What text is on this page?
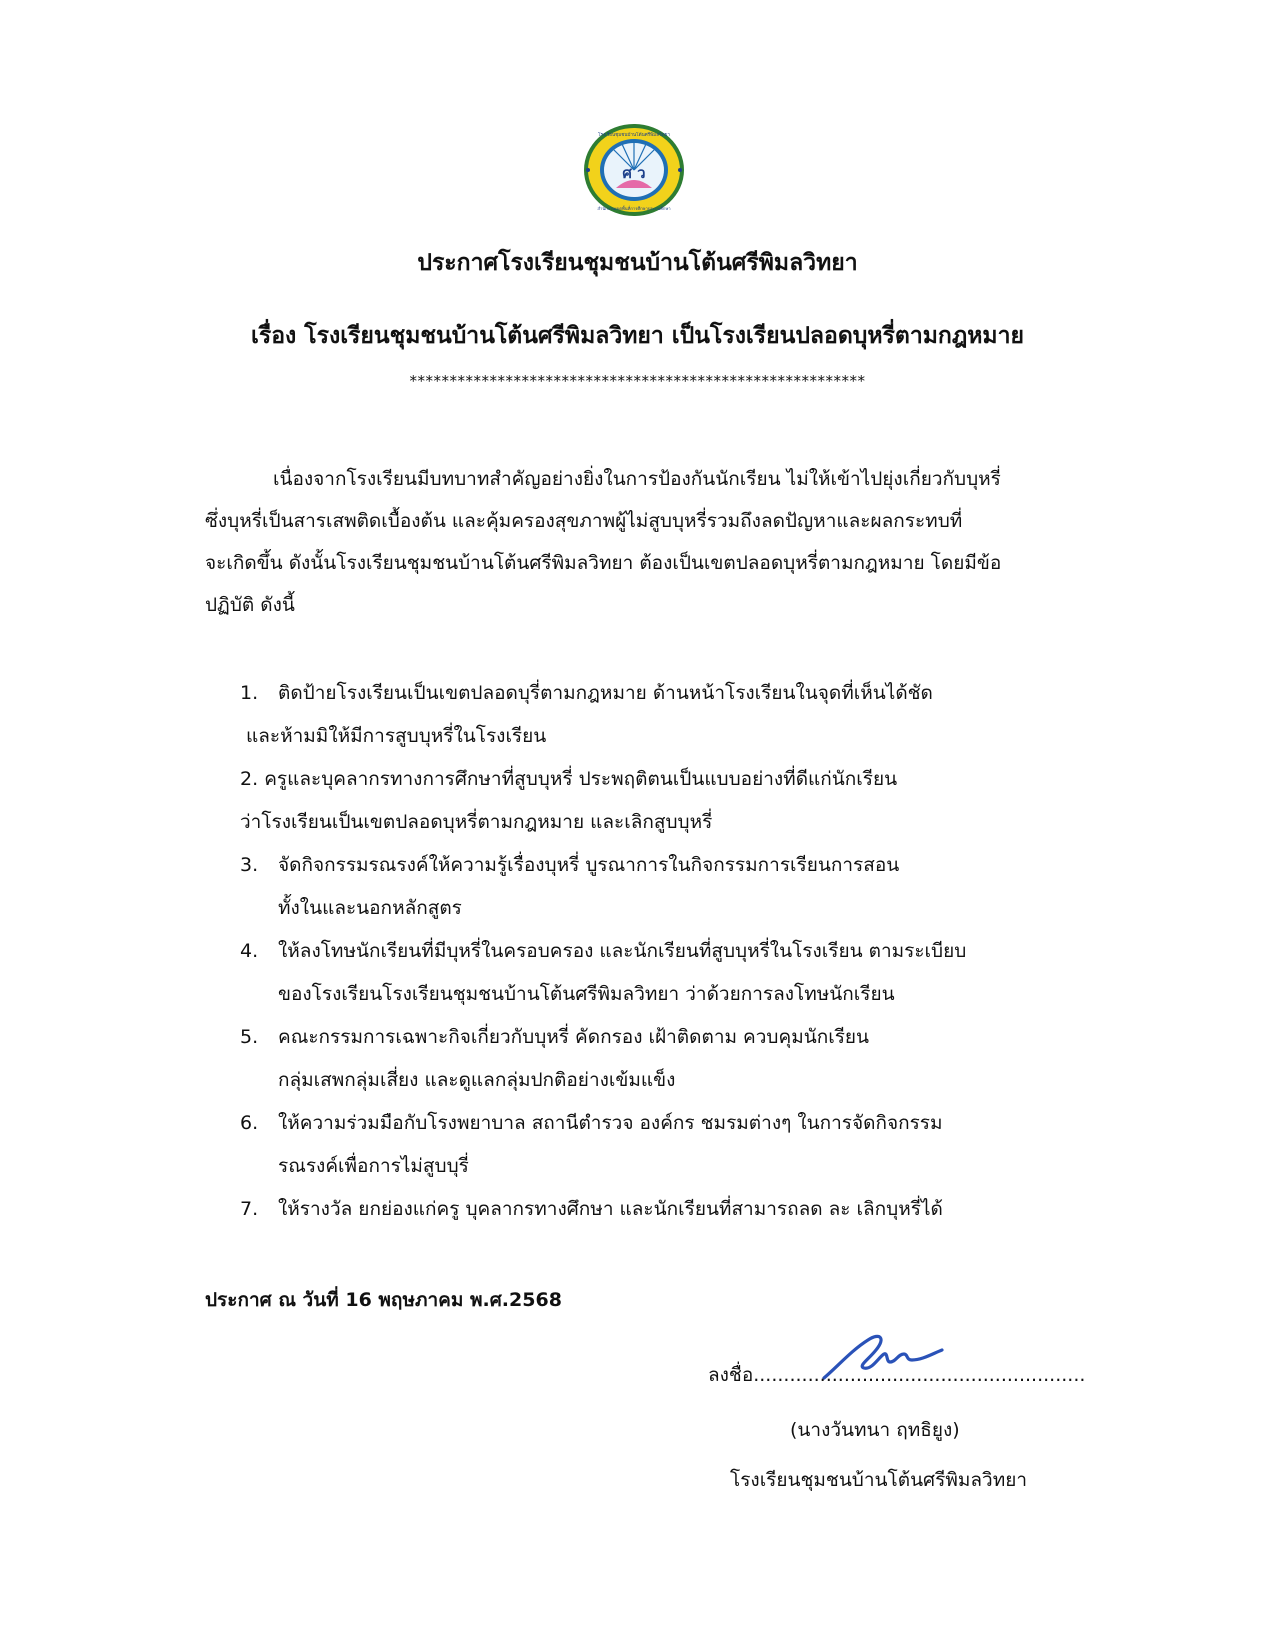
ศ ว
โรงเรียนชุมชนบ้านโต้นศรีพิมลวิทยา
สำนักงานเขตพื้นที่การศึกษาประถมศึกษา
ประกาศโรงเรียนชุมชนบ้านโต้นศรีพิมลวิทยา
เรื่อง โรงเรียนชุมชนบ้านโต้นศรีพิมลวิทยา เป็นโรงเรียนปลอดบุหรี่ตามกฎหมาย
*********************************************************
เนื่องจากโรงเรียนมีบทบาทสำคัญอย่างยิ่งในการป้องกันนักเรียน ไม่ให้เข้าไปยุ่งเกี่ยวกับบุหรี่
ซึ่งบุหรี่เป็นสารเสพติดเบื้องต้น และคุ้มครองสุขภาพผู้ไม่สูบบุหรี่รวมถึงลดปัญหาและผลกระทบที่
จะเกิดขึ้น ดังนั้นโรงเรียนชุมชนบ้านโต้นศรีพิมลวิทยา ต้องเป็นเขตปลอดบุหรี่ตามกฎหมาย โดยมีข้อ
ปฏิบัติ ดังนี้
1. ติดป้ายโรงเรียนเป็นเขตปลอดบุรี่ตามกฎหมาย ด้านหน้าโรงเรียนในจุดที่เห็นได้ชัด
และห้ามมิให้มีการสูบบุหรี่ในโรงเรียน
2. ครูและบุคลากรทางการศึกษาที่สูบบุหรี่ ประพฤติตนเป็นแบบอย่างที่ดีแก่นักเรียน
ว่าโรงเรียนเป็นเขตปลอดบุหรี่ตามกฎหมาย และเลิกสูบบุหรี่
3. จัดกิจกรรมรณรงค์ให้ความรู้เรื่องบุหรี่ บูรณาการในกิจกรรมการเรียนการสอน
ทั้งในและนอกหลักสูตร
4. ให้ลงโทษนักเรียนที่มีบุหรี่ในครอบครอง และนักเรียนที่สูบบุหรี่ในโรงเรียน ตามระเบียบ
ของโรงเรียนโรงเรียนชุมชนบ้านโต้นศรีพิมลวิทยา ว่าด้วยการลงโทษนักเรียน
5. คณะกรรมการเฉพาะกิจเกี่ยวกับบุหรี่ คัดกรอง เฝ้าติดตาม ควบคุมนักเรียน
กลุ่มเสพกลุ่มเสี่ยง และดูแลกลุ่มปกติอย่างเข้มแข็ง
6. ให้ความร่วมมือกับโรงพยาบาล สถานีตำรวจ องค์กร ชมรมต่างๆ ในการจัดกิจกรรม
รณรงค์เพื่อการไม่สูบบุรี่
7. ให้รางวัล ยกย่องแก่ครู บุคลากรทางศึกษา และนักเรียนที่สามารถลด ละ เลิกบุหรี่ได้
ประกาศ ณ วันที่ 16 พฤษภาคม พ.ศ.2568
ลงชื่อ.......................................................
(นางวันทนา ฤทธิยูง)
โรงเรียนชุมชนบ้านโต้นศรีพิมลวิทยา
